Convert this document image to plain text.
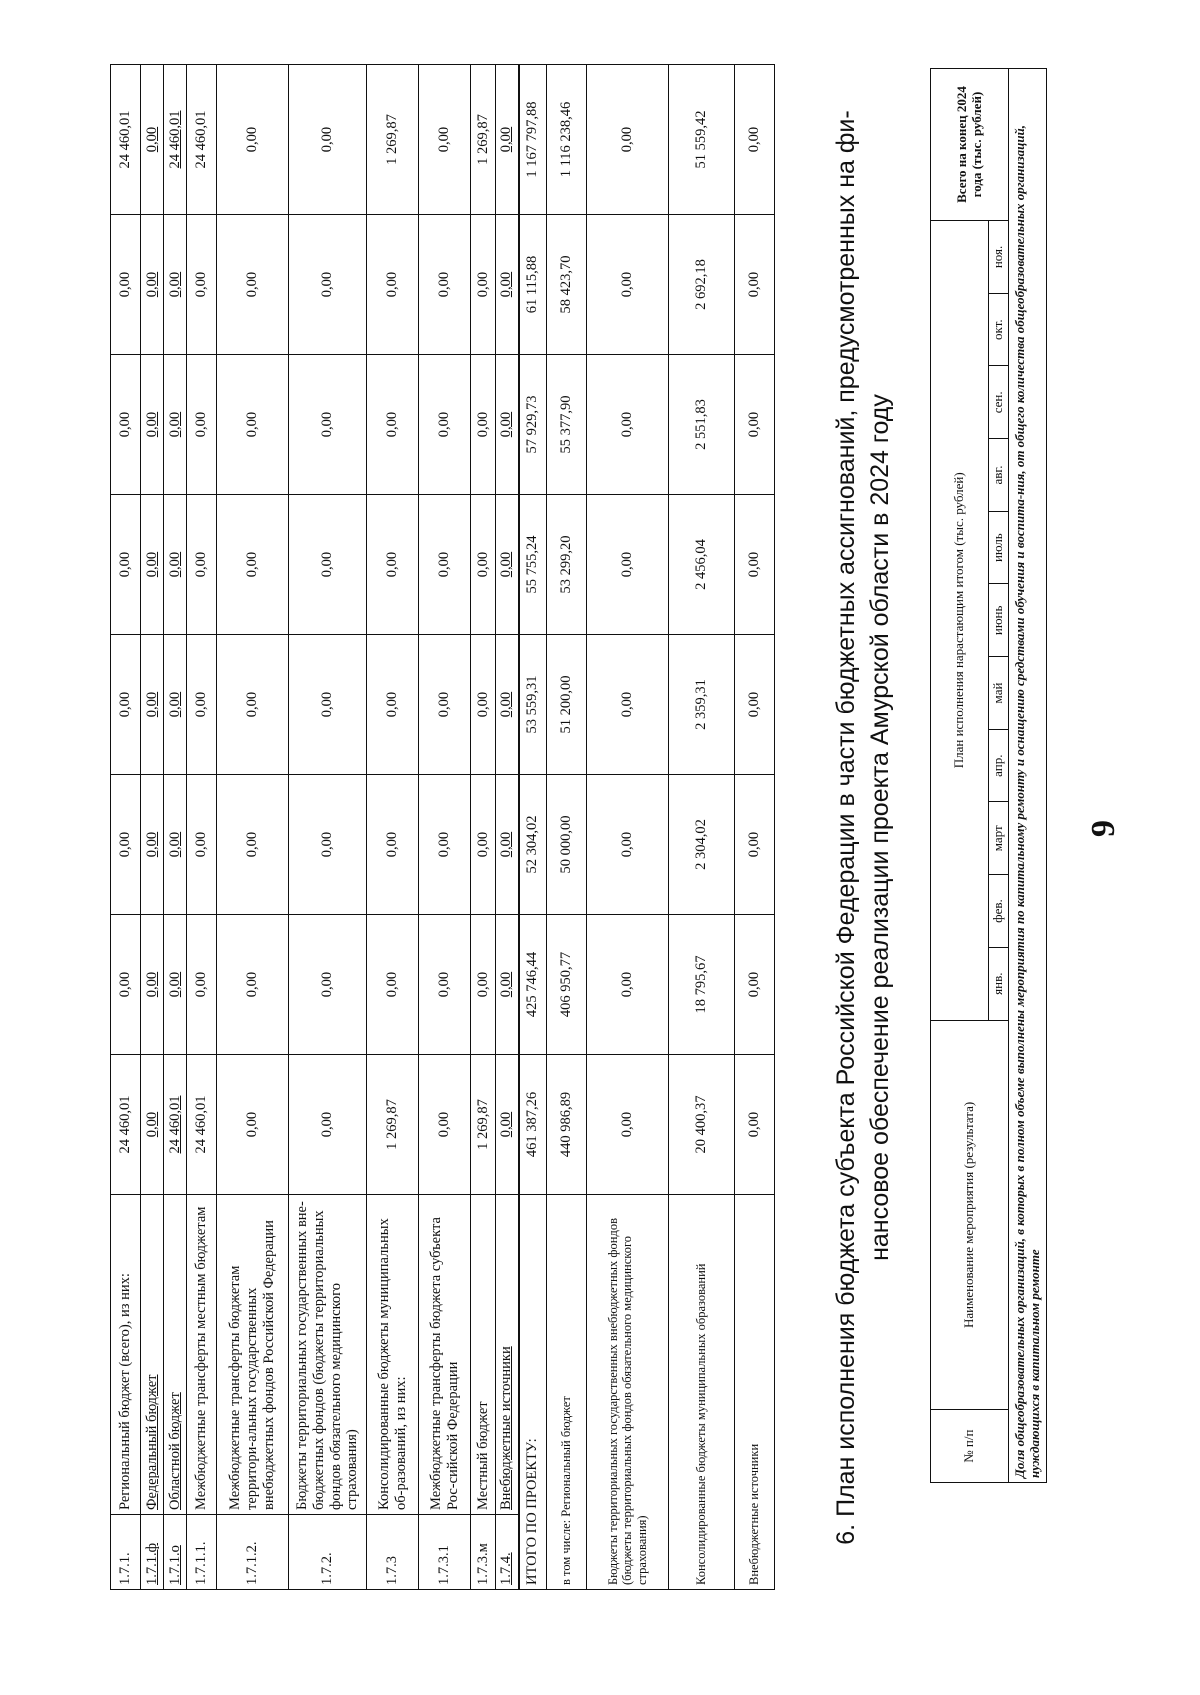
9
1.7.1.	Региональный бюджет (всего), из них:	24 460,01	0,00	0,00	0,00	0,00	0,00	0,00	24 460,01
1.7.1.ф	Федеральный бюджет	0,00	0,00	0,00	0,00	0,00	0,00	0,00	0,00
1.7.1.о	Областной бюджет	24 460,01	0,00	0,00	0,00	0,00	0,00	0,00	24 460,01
1.7.1.1.	Межбюджетные трансферты местным бюджетам	24 460,01	0,00	0,00	0,00	0,00	0,00	0,00	24 460,01
1.7.1.2.	Межбюджетные трансферты бюджетам территори-альных государственных внебюджетных фондов Российской Федерации	0,00	0,00	0,00	0,00	0,00	0,00	0,00	0,00
1.7.2.	Бюджеты территориальных государственных вне-бюджетных фондов (бюджеты территориальных фондов обязательного медицинского страхования)	0,00	0,00	0,00	0,00	0,00	0,00	0,00	0,00
1.7.3	Консолидированные бюджеты муниципальных об-разований, из них:	1 269,87	0,00	0,00	0,00	0,00	0,00	0,00	1 269,87
1.7.3.1	Межбюджетные трансферты бюджета субъекта Рос-сийской Федерации	0,00	0,00	0,00	0,00	0,00	0,00	0,00	0,00
1.7.3.м	Местный бюджет	1 269,87	0,00	0,00	0,00	0,00	0,00	0,00	1 269,87
1.7.4.	Внебюджетные источники	0,00	0,00	0,00	0,00	0,00	0,00	0,00	0,00
ИТОГО ПО ПРОЕКТУ:		461 387,26	425 746,44	52 304,02	53 559,31	55 755,24	57 929,73	61 115,88	1 167 797,88
в том числе: Региональный бюджет		440 986,89	406 950,77	50 000,00	51 200,00	53 299,20	55 377,90	58 423,70	1 116 238,46
Бюджеты территориальных государственных внебюджетных фондов (бюджеты территориальных фондов обязательного медицинского страхования)		0,00	0,00	0,00	0,00	0,00	0,00	0,00	0,00
Консолидированные бюджеты муниципальных образований		20 400,37	18 795,67	2 304,02	2 359,31	2 456,04	2 551,83	2 692,18	51 559,42
Внебюджетные источники		0,00	0,00	0,00	0,00	0,00	0,00	0,00	0,00	6. План исполнения бюджета субъекта Российской Федерации в части бюджетных ассигнований, предусмотренных на фи- нансовое обеспечение реализации проекта Амурской области в 2024 году
№ п/п	Наименование мероприятия (результата)	План исполнения нарастающим итогом (тыс. рублей)											Всего на конец 2024 года (тыс. рублей)
		янв.	фев.	март	апр.	май	июнь	июль	авг.	сен.	окт.	ноя.	
Доля общеобразовательных организаций, в которых в полном объеме выполнены мероприятия по капитальному ремонту и оснащению средствами обучения и воспита-ния, от общего количества общеобразовательных организаций, нуждающихся в капитальном ремонте													
